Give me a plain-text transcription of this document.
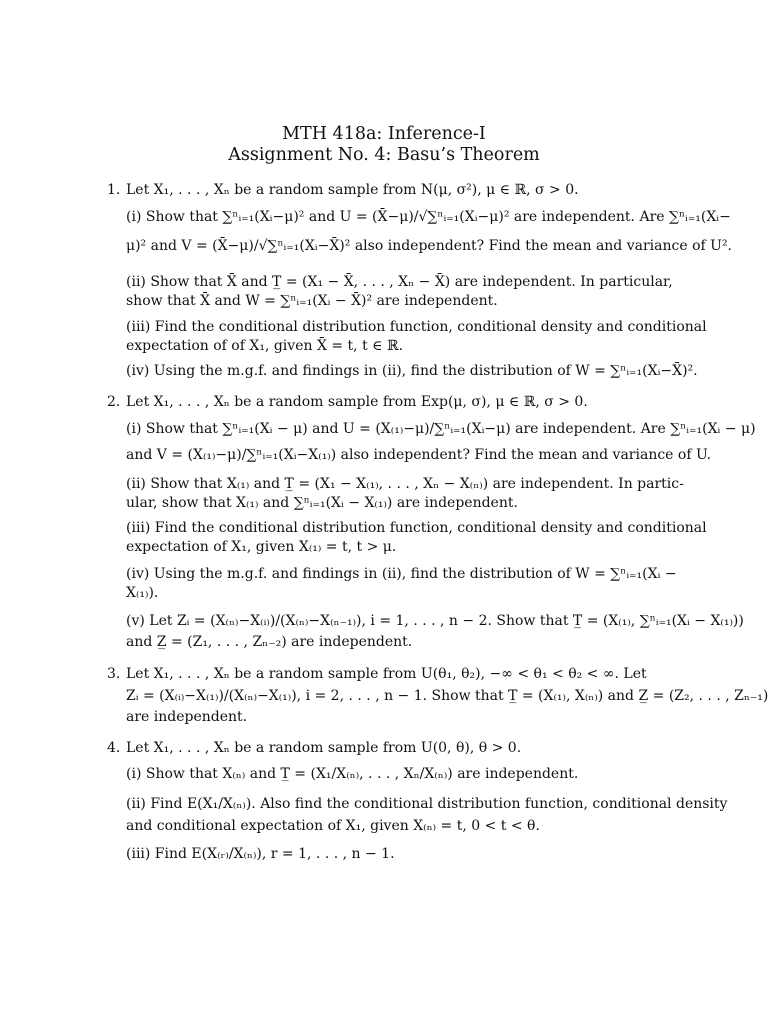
MTH 418a: Inference-I
Assignment No. 4: Basu’s Theorem
1. Let X₁, . . . , Xₙ be a random sample from N(μ, σ²), μ ∈ ℝ, σ > 0.
(i) Show that ∑ⁿᵢ₌₁(Xᵢ−μ)² and U = (X̄−μ)/√∑ⁿᵢ₌₁(Xᵢ−μ)² are independent. Are ∑ⁿᵢ₌₁(Xᵢ−
μ)² and V = (X̄−μ)/√∑ⁿᵢ₌₁(Xᵢ−X̄)² also independent? Find the mean and variance of U².
(ii) Show that X̄ and T̲ = (X₁ − X̄, . . . , Xₙ − X̄) are independent. In particular,
show that X̄ and W = ∑ⁿᵢ₌₁(Xᵢ − X̄)² are independent.
(iii) Find the conditional distribution function, conditional density and conditional
expectation of of X₁, given X̄ = t, t ∈ ℝ.
(iv) Using the m.g.f. and findings in (ii), find the distribution of W = ∑ⁿᵢ₌₁(Xᵢ−X̄)².
2. Let X₁, . . . , Xₙ be a random sample from Exp(μ, σ), μ ∈ ℝ, σ > 0.
(i) Show that ∑ⁿᵢ₌₁(Xᵢ − μ) and U = (X₍₁₎−μ)/∑ⁿᵢ₌₁(Xᵢ−μ) are independent. Are ∑ⁿᵢ₌₁(Xᵢ − μ)
and V = (X₍₁₎−μ)/∑ⁿᵢ₌₁(Xᵢ−X₍₁₎) also independent? Find the mean and variance of U.
(ii) Show that X₍₁₎ and T̲ = (X₁ − X₍₁₎, . . . , Xₙ − X₍ₙ₎) are independent. In partic-
ular, show that X₍₁₎ and ∑ⁿᵢ₌₁(Xᵢ − X₍₁₎) are independent.
(iii) Find the conditional distribution function, conditional density and conditional
expectation of X₁, given X₍₁₎ = t, t > μ.
(iv) Using the m.g.f. and findings in (ii), find the distribution of W = ∑ⁿᵢ₌₁(Xᵢ −
X₍₁₎).
(v) Let Zᵢ = (X₍ₙ₎−X₍ᵢ₎)/(X₍ₙ₎−X₍ₙ₋₁₎), i = 1, . . . , n − 2. Show that T̲ = (X₍₁₎, ∑ⁿᵢ₌₁(Xᵢ − X₍₁₎))
and Z̲ = (Z₁, . . . , Zₙ₋₂) are independent.
3. Let X₁, . . . , Xₙ be a random sample from U(θ₁, θ₂), −∞ < θ₁ < θ₂ < ∞. Let
Zᵢ = (X₍ᵢ₎−X₍₁₎)/(X₍ₙ₎−X₍₁₎), i = 2, . . . , n − 1. Show that T̲ = (X₍₁₎, X₍ₙ₎) and Z̲ = (Z₂, . . . , Zₙ₋₁)
are independent.
4. Let X₁, . . . , Xₙ be a random sample from U(0, θ), θ > 0.
(i) Show that X₍ₙ₎ and T̲ = (X₁/X₍ₙ₎, . . . , Xₙ/X₍ₙ₎) are independent.
(ii) Find E(X₁/X₍ₙ₎). Also find the conditional distribution function, conditional density
and conditional expectation of X₁, given X₍ₙ₎ = t, 0 < t < θ.
(iii) Find E(X₍ᵣ₎/X₍ₙ₎), r = 1, . . . , n − 1.
